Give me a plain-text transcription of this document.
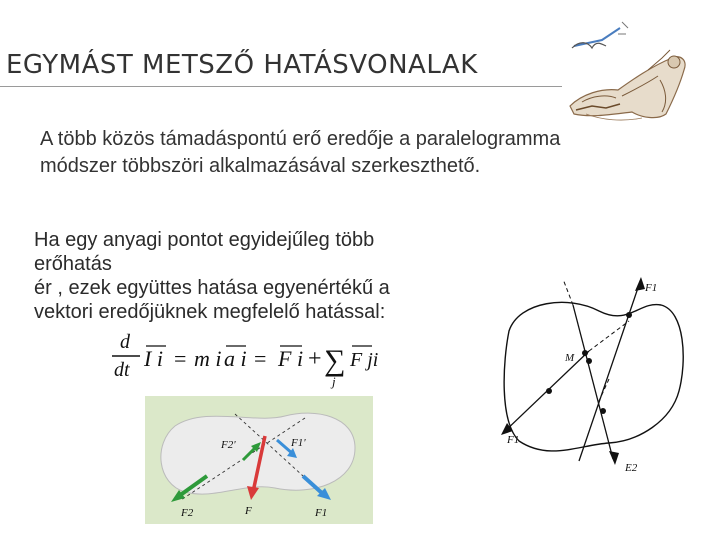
EGYMÁST METSZŐ HATÁSVONALAK
A több közös támadáspontú erő eredője a paralelogramma
módszer többszöri alkalmazásával szerkeszthető.
Ha egy anyagi pontot egyidejűleg több
erőhatás
ér , ezek együttes hatása egyenértékű a
vektori eredőjüknek megfelelő hatással:
d
dt I i = m i a i = F i + ∑
j
F ji
F1
F1
E2
M
F2'	F1'
F
F2	F1
